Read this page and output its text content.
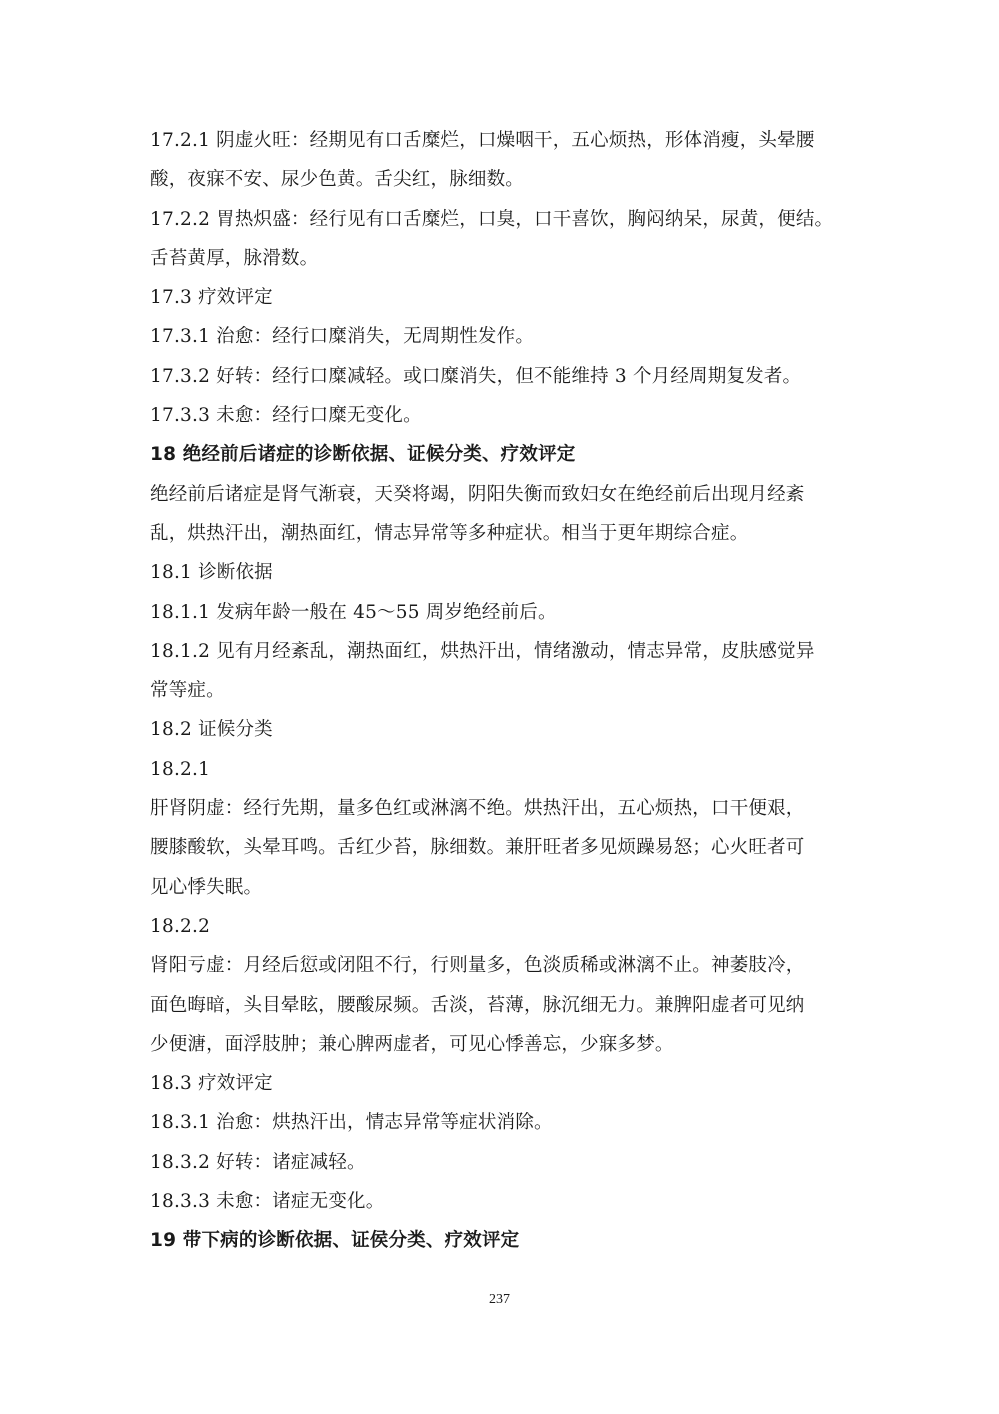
17.2.1 阴虚火旺：经期见有口舌糜烂，口燥咽干，五心烦热，形体消瘦，头晕腰
酸，夜寐不安、尿少色黄。舌尖红，脉细数。
17.2.2 胃热炽盛：经行见有口舌糜烂，口臭，口干喜饮，胸闷纳呆，尿黄，便结。
舌苔黄厚，脉滑数。
17.3 疗效评定
17.3.1 治愈：经行口糜消失，无周期性发作。
17.3.2 好转：经行口糜减轻。或口糜消失，但不能维持 3 个月经周期复发者。
17.3.3 未愈：经行口糜无变化。
18 绝经前后诸症的诊断依据、证候分类、疗效评定
绝经前后诸症是肾气渐衰，天癸将竭，阴阳失衡而致妇女在绝经前后出现月经紊
乱，烘热汗出，潮热面红，情志异常等多种症状。相当于更年期综合症。
18.1 诊断依据
18.1.1 发病年龄一般在 45～55 周岁绝经前后。
18.1.2 见有月经紊乱，潮热面红，烘热汗出，情绪激动，情志异常，皮肤感觉异
常等症。
18.2 证候分类
18.2.1
肝肾阴虚：经行先期，量多色红或淋漓不绝。烘热汗出，五心烦热，口干便艰，
腰膝酸软，头晕耳鸣。舌红少苔，脉细数。兼肝旺者多见烦躁易怒；心火旺者可
见心悸失眠。
18.2.2
肾阳亏虚：月经后愆或闭阻不行，行则量多，色淡质稀或淋漓不止。神萎肢冷，
面色晦暗，头目晕眩，腰酸尿频。舌淡，苔薄，脉沉细无力。兼脾阳虚者可见纳
少便溏，面浮肢肿；兼心脾两虚者，可见心悸善忘，少寐多梦。
18.3 疗效评定
18.3.1 治愈：烘热汗出，情志异常等症状消除。
18.3.2 好转：诸症减轻。
18.3.3 未愈：诸症无变化。
19 带下病的诊断依据、证侯分类、疗效评定
237
